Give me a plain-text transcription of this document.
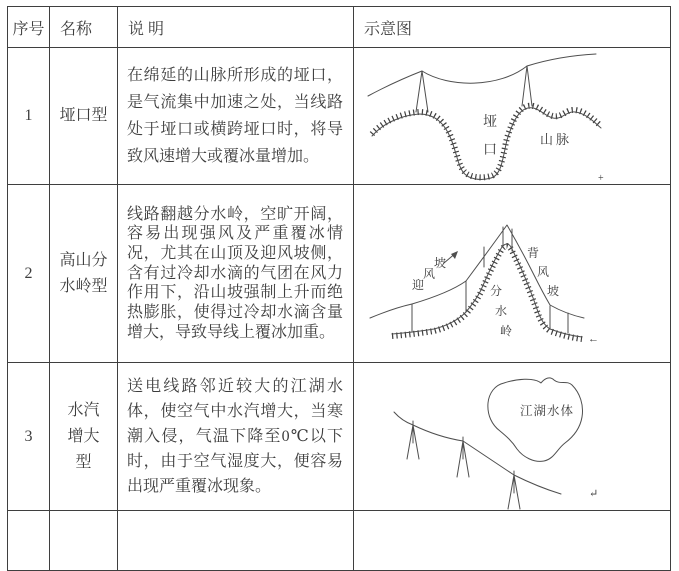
序号	名称	说 明	示意图
1	垭口型	在绵延的山脉所形成的垭口，是气流集中加速之处，当线路处于垭口或横跨垭口时，将导致风速增大或覆冰量增加。	垭口
山脉
+

2	高山分水岭型	线路翻越分水岭，空旷开阔，容易出现强风及严重覆冰情况，尤其在山顶及迎风坡侧，含有过冷却水滴的气团在风力作用下，沿山坡强制上升而绝热膨胀，使得过冷却水滴含量增大，导致导线上覆冰加重。	迎风坡
分水岭
背风坡
←

3	水汽增大型	送电线路邻近较大的江湖水体，使空气中水汽增大，当寒潮入侵，气温下降至0℃以下时，由于空气湿度大，便容易出现严重覆冰现象。	江湖水体
↵
